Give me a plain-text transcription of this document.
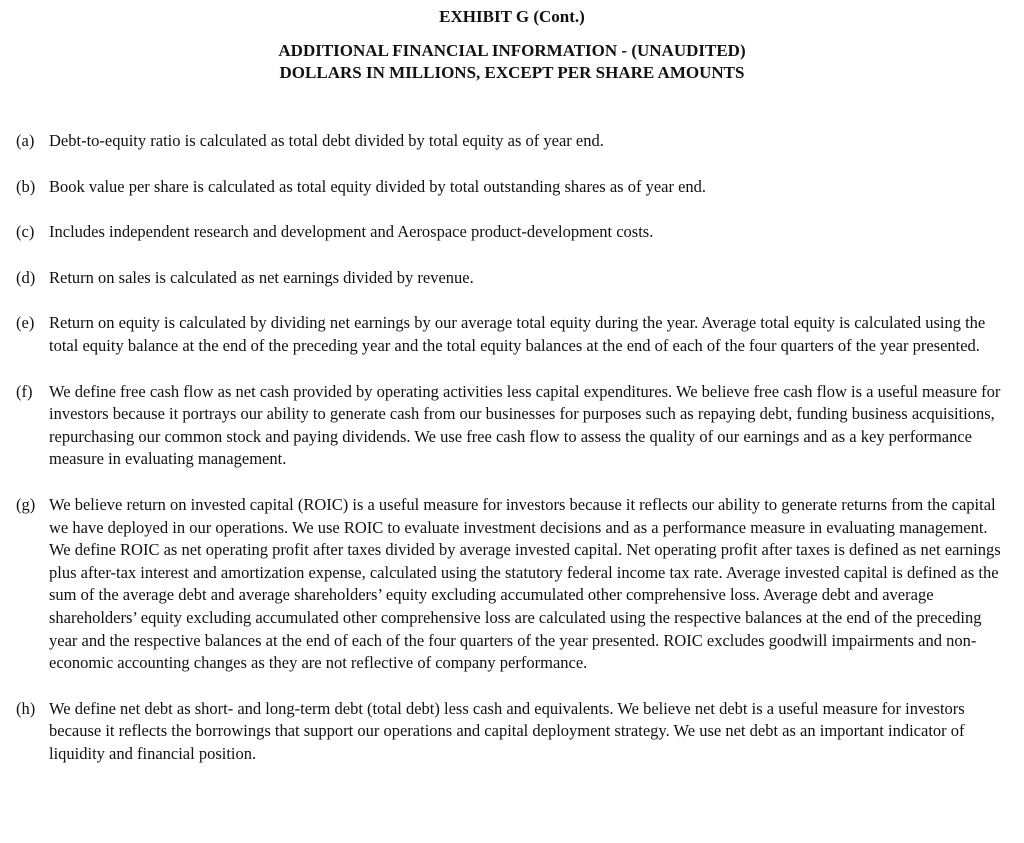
EXHIBIT G (Cont.)
ADDITIONAL FINANCIAL INFORMATION - (UNAUDITED)
DOLLARS IN MILLIONS, EXCEPT PER SHARE AMOUNTS
(a) Debt-to-equity ratio is calculated as total debt divided by total equity as of year end.
(b) Book value per share is calculated as total equity divided by total outstanding shares as of year end.
(c) Includes independent research and development and Aerospace product-development costs.
(d) Return on sales is calculated as net earnings divided by revenue.
(e) Return on equity is calculated by dividing net earnings by our average total equity during the year. Average total equity is calculated using the total equity balance at the end of the preceding year and the total equity balances at the end of each of the four quarters of the year presented.
(f)	We define free cash flow as net cash provided by operating activities less capital expenditures. We believe free cash flow is a useful measure for investors because it portrays our ability to generate cash from our businesses for purposes such as repaying debt, funding business acquisitions, repurchasing our common stock and paying dividends. We use free cash flow to assess the quality of our earnings and as a key performance measure in evaluating management.
(g) We believe return on invested capital (ROIC) is a useful measure for investors because it reflects our ability to generate returns from the capital we have deployed in our operations. We use ROIC to evaluate investment decisions and as a performance measure in evaluating management. We define ROIC as net operating profit after taxes divided by average invested capital. Net operating profit after taxes is defined as net earnings plus after-tax interest and amortization expense, calculated using the statutory federal income tax rate. Average invested capital is defined as the sum of the average debt and average shareholders’ equity excluding accumulated other comprehensive loss. Average debt and average shareholders’ equity excluding accumulated other comprehensive loss are calculated using the respective balances at the end of the preceding year and the respective balances at the end of each of the four quarters of the year presented. ROIC excludes goodwill impairments and non-economic accounting changes as they are not reflective of company performance.
(h) We define net debt as short- and long-term debt (total debt) less cash and equivalents. We believe net debt is a useful measure for investors because it reflects the borrowings that support our operations and capital deployment strategy. We use net debt as an important indicator of liquidity and financial position.
